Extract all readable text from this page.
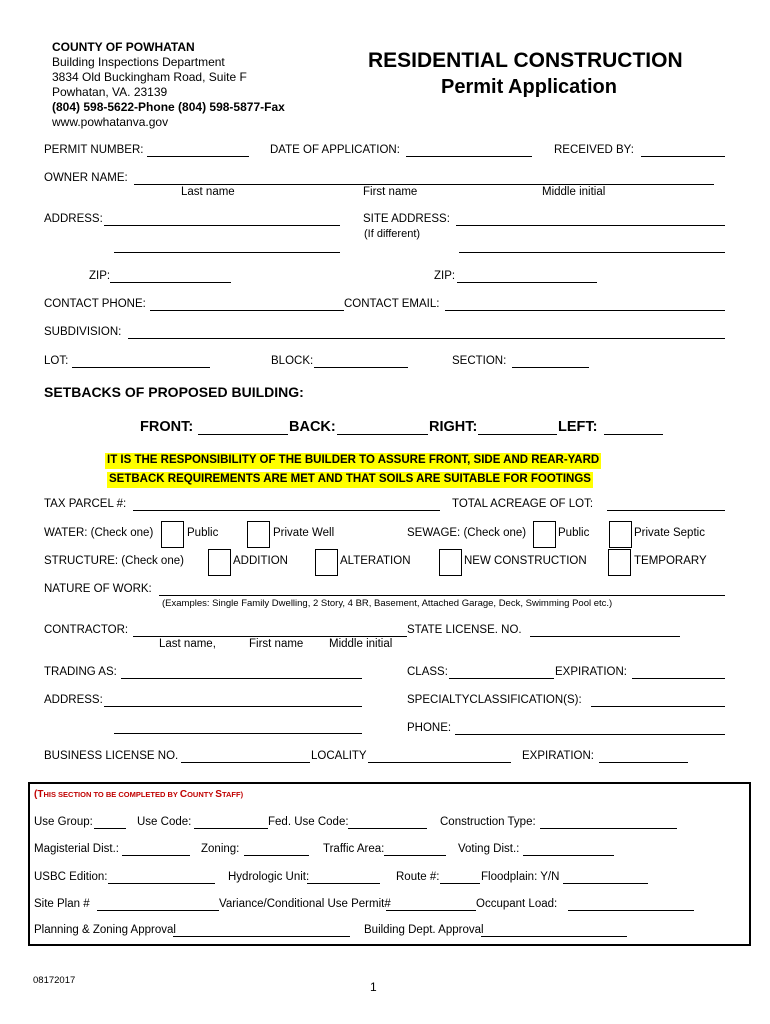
COUNTY OF POWHATAN
Building Inspections Department
3834 Old Buckingham Road, Suite F
Powhatan, VA. 23139
(804) 598-5622-Phone (804) 598-5877-Fax
www.powhatanva.gov
RESIDENTIAL CONSTRUCTION
Permit Application
PERMIT NUMBER:	DATE OF APPLICATION:	RECEIVED BY:
OWNER NAME:
Last name	First name	Middle initial
ADDRESS:	SITE ADDRESS:
(If different)
ZIP:	ZIP:
CONTACT PHONE:	CONTACT EMAIL:
SUBDIVISION:
LOT:	BLOCK:	SECTION:
SETBACKS OF PROPOSED BUILDING:
FRONT:	BACK:	RIGHT:	LEFT:
IT IS THE RESPONSIBILITY OF THE BUILDER TO ASSURE FRONT, SIDE AND REAR-YARD
SETBACK REQUIREMENTS ARE MET AND THAT SOILS ARE SUITABLE FOR FOOTINGS
TAX PARCEL #:	TOTAL ACREAGE OF LOT:
WATER: (Check one)	Public	Private Well	SEWAGE: (Check one)	Public	Private Septic
STRUCTURE: (Check one)	ADDITION	ALTERATION	NEW CONSTRUCTION	TEMPORARY
NATURE OF WORK:
(Examples: Single Family Dwelling, 2 Story, 4 BR, Basement, Attached Garage, Deck, Swimming Pool etc.)
CONTRACTOR:	STATE LICENSE. NO.
Last name,	First name Middle initial
TRADING AS:	CLASS:	EXPIRATION:
ADDRESS:	SPECIALTYCLASSIFICATION(S):
PHONE:
BUSINESS LICENSE NO.	LOCALITY	EXPIRATION:
(THIS SECTION TO BE COMPLETED BY COUNTY STAFF)
Use Group:	Use Code:	Fed. Use Code:	Construction Type:
Magisterial Dist.:	Zoning:	Traffic Area:	Voting Dist.:
USBC Edition:	Hydrologic Unit:	Route #:	Floodplain: Y/N
Site Plan #	Variance/Conditional Use Permit#	Occupant Load:
Planning & Zoning Approval	Building Dept. Approval
08172017	1
